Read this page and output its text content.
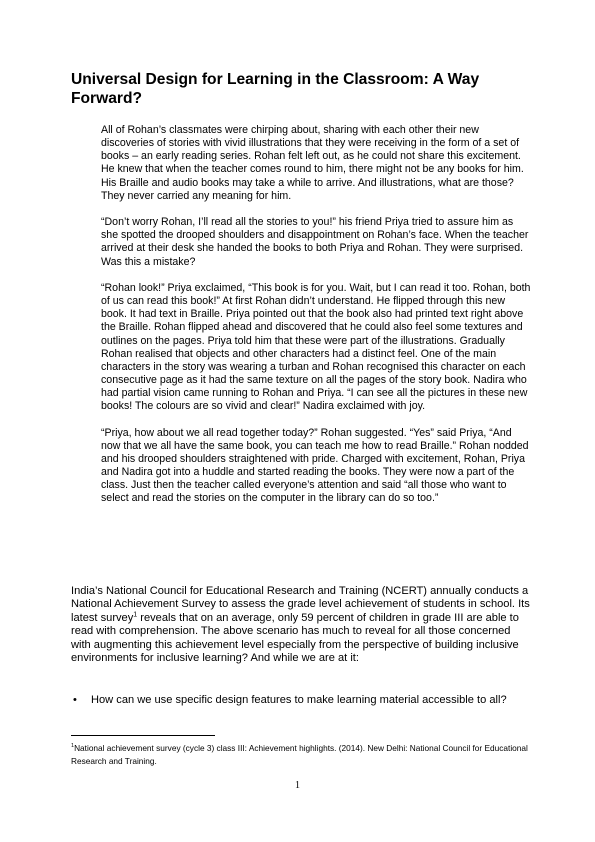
Universal Design for Learning in the Classroom: A Way Forward?

All of Rohan’s classmates were chirping about, sharing with each other their new discoveries of stories with vivid illustrations that they were receiving in the form of a set of books – an early reading series. Rohan felt left out, as he could not share this excitement. He knew that when the teacher comes round to him, there might not be any books for him. His Braille and audio books may take a while to arrive. And illustrations, what are those? They never carried any meaning for him.

“Don’t worry Rohan, I’ll read all the stories to you!” his friend Priya tried to assure him as she spotted the drooped shoulders and disappointment on Rohan’s face. When the teacher arrived at their desk she handed the books to both Priya and Rohan. They were surprised. Was this a mistake?

“Rohan look!” Priya exclaimed, “This book is for you. Wait, but I can read it too. Rohan, both of us can read this book!” At first Rohan didn’t understand. He flipped through this new book. It had text in Braille. Priya pointed out that the book also had printed text right above the Braille. Rohan flipped ahead and discovered that he could also feel some textures and outlines on the pages. Priya told him that these were part of the illustrations. Gradually Rohan realised that objects and other characters had a distinct feel. One of the main characters in the story was wearing a turban and Rohan recognised this character on each consecutive page as it had the same texture on all the pages of the story book. Nadira who had partial vision came running to Rohan and Priya. “I can see all the pictures in these new books! The colours are so vivid and clear!” Nadira exclaimed with joy.

“Priya, how about we all read together today?” Rohan suggested. “Yes” said Priya, “And now that we all have the same book, you can teach me how to read Braille.” Rohan nodded and his drooped shoulders straightened with pride. Charged with excitement, Rohan, Priya and Nadira got into a huddle and started reading the books. They were now a part of the class. Just then the teacher called everyone’s attention and said “all those who want to select and read the stories on the computer in the library can do so too.”

India’s National Council for Educational Research and Training (NCERT) annually conducts a National Achievement Survey to assess the grade level achievement of students in school. Its latest survey$^1$ reveals that on an average, only 59 percent of children in grade III are able to read with comprehension. The above scenario has much to reveal for all those concerned with augmenting this achievement level especially from the perspective of building inclusive environments for inclusive learning? And while we are at it:

• How can we use specific design features to make learning material accessible to all?

$^1$National achievement survey (cycle 3) class III: Achievement highlights. (2014). New Delhi: National Council for Educational Research and Training.

1
